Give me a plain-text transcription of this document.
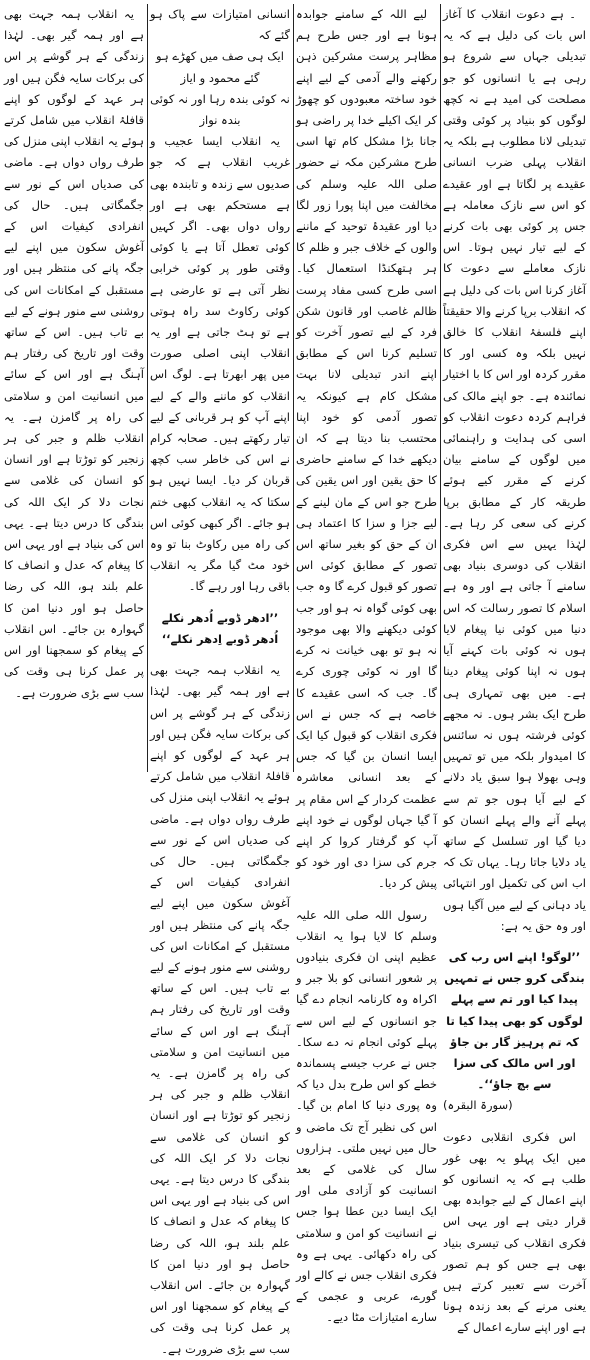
۔ ہے دعوت انقلاب کا آغاز اس بات کی دلیل ہے کہ یہ تبدیلی جہاں سے شروع ہو رہی ہے یا انسانوں کو جو مصلحت کی امید ہے نہ کچھ لوگوں کو بنیاد پر کوئی وقتی تبدیلی لانا مطلوب ہے بلکہ یہ انقلاب پہلی ضرب انسانی عقیدے پر لگاتا ہے اور عقیدے کو اس سے نازک معاملہ ہے جس پر کوئی بھی بات کرنے کے لیے تیار نہیں ہوتا۔ اس نازک معاملے سے دعوت کا آغاز کرنا اس بات کی دلیل ہے کہ انقلاب برپا کرنے والا حقیقتاً اپنے فلسفۂ انقلاب کا خالق نہیں بلکہ وہ کسی اور کا مقرر کردہ اور اس کا با اختیار نمائندہ ہے۔ جو اپنے مالک کی فراہم کردہ دعوت انقلاب کو اسی کی ہدایت و راہنمائی میں لوگوں کے سامنے بیان کرنے کے مقرر کیے ہوئے طریقہ کار کے مطابق برپا کرنے کی سعی کر رہا ہے۔ لہٰذا یہیں سے اس فکری انقلاب کی دوسری بنیاد بھی سامنے آ جاتی ہے اور وہ ہے اسلام کا تصور رسالت کہ اس دنیا میں کوئی نیا پیغام لایا ہوں نہ کوئی بات کہنے آیا ہوں نہ اپنا کوئی پیغام دینا ہے۔ میں بھی تمہاری ہی طرح ایک بشر ہوں۔ نہ مجھے کوئی فرشتہ ہوں نہ سائنس کا امیدوار بلکہ میں تو تمہیں وہی بھولا ہوا سبق یاد دلانے کے لیے آیا ہوں جو تم سے پہلے آنے والے پہلے انسان کو دیا گیا اور تسلسل کے ساتھ یاد دلایا جاتا رہا۔ یہاں تک کہ اب اس کی تکمیل اور انتہائی یاد دہانی کے لیے میں آگیا ہوں اور وہ حق یہ ہے:

’’لوگو! اپنے اس رب کی بندگی کرو جس نے تمہیں پیدا کیا اور تم سے پہلے لوگوں کو بھی پیدا کیا تا کہ تم پرہیز گار بن جاؤ اور اس مالک کی سزا سے بچ جاؤ‘‘۔

(سورۃ البقرہ)

اس فکری انقلابی دعوت میں ایک پہلو یہ بھی غور طلب ہے کہ یہ انسانوں کو اپنے اعمال کے لیے جوابدہ بھی قرار دیتی ہے اور یہی اس فکری انقلاب کی تیسری بنیاد بھی ہے جس کو ہم تصور آخرت سے تعبیر کرتے ہیں یعنی مرنے کے بعد زندہ ہونا ہے اور اپنے سارے اعمال کے

لیے اللہ کے سامنے جوابدہ ہونا ہے اور جس طرح ہم مظاہر پرست مشرکین ذہن رکھنے والے آدمی کے لیے اپنے خود ساختہ معبودوں کو چھوڑ کر ایک اکیلے خدا پر راضی ہو جانا بڑا مشکل کام تھا اسی طرح مشرکین مکہ نے حضور صلی اللہ علیہ وسلم کی مخالفت میں اپنا پورا زور لگا دیا اور عقیدۂ توحید کے ماننے والوں کے خلاف جبر و ظلم کا ہر ہتھکنڈا استعمال کیا۔ اسی طرح کسی مفاد پرست ظالم غاصب اور قانون شکن فرد کے لیے تصور آخرت کو تسلیم کرنا اس کے مطابق اپنے اندر تبدیلی لانا بہت مشکل کام ہے کیونکہ یہ تصور آدمی کو خود اپنا محتسب بنا دیتا ہے کہ ان دیکھے خدا کے سامنے حاضری کا حق یقین اور اس یقین کی طرح جو اس کے مان لینے کے لیے جزا و سزا کا اعتماد ہی ان کے حق کو بغیر ساتھ اس تصور کے مطابق کوئی اس تصور کو قبول کرے گا وہ جب بھی کوئی گواہ نہ ہو اور جب کوئی دیکھنے والا بھی موجود نہ ہو تو بھی خیانت نہ کرے گا اور نہ کوئی چوری کرے گا۔ جب کہ اسی عقیدے کا خاصہ ہے کہ جس نے اس فکری انقلاب کو قبول کیا ایک ایسا انسان بن گیا کہ جس کے بعد انسانی معاشرہ عظمت کردار کے اس مقام پر آ گیا جہاں لوگوں نے خود اپنے آپ کو گرفتار کروا کر اپنے جرم کی سزا دی اور خود کو پیش کر دیا۔

رسول اللہ صلی اللہ علیہ وسلم کا لایا ہوا یہ انقلاب عظیم اپنی ان فکری بنیادوں پر شعور انسانی کو بلا جبر و اکراہ وہ کارنامہ انجام دے گیا جو انسانوں کے لیے اس سے پہلے کوئی انجام نہ دے سکا۔ جس نے عرب جیسے پسماندہ خطے کو اس طرح بدل دیا کہ وہ پوری دنیا کا امام بن گیا۔ اس کی نظیر آج تک ماضی و حال میں نہیں ملتی۔ ہزاروں سال کی غلامی کے بعد انسانیت کو آزادی ملی اور ایک ایسا دین عطا ہوا جس نے انسانیت کو امن و سلامتی کی راہ دکھائی۔ یہی ہے وہ فکری انقلاب جس نے کالے اور گورے، عربی و عجمی کے سارے امتیازات مٹا دیے۔

انسانی امتیازات سے پاک ہو گئے کہ

ایک ہی صف میں کھڑے ہو گئے محمود و ایاز

نہ کوئی بندہ رہا اور نہ کوئی بندہ نواز

یہ انقلاب ایسا عجیب و غریب انقلاب ہے کہ جو صدیوں سے زندہ و تابندہ بھی ہے مستحکم بھی ہے اور رواں دواں بھی۔ اگر کہیں کوئی تعطل آتا ہے یا کوئی وقتی طور پر کوئی خرابی نظر آتی ہے تو عارضی ہے کوئی رکاوٹ سد راہ ہوتی ہے تو ہٹ جاتی ہے اور یہ انقلاب اپنی اصلی صورت میں پھر ابھرتا ہے۔ لوگ اس انقلاب کو ماننے والے کے لیے اپنے آپ کو ہر قربانی کے لیے تیار رکھتے ہیں۔ صحابہ کرام نے اس کی خاطر سب کچھ قربان کر دیا۔ ایسا نہیں ہو سکتا کہ یہ انقلاب کبھی ختم ہو جائے۔ اگر کبھی کوئی اس کی راہ میں رکاوٹ بنا تو وہ خود مٹ گیا مگر یہ انقلاب باقی رہا اور رہے گا۔

’’ادھر ڈوبے اُدھر نکلے اُدھر ڈوبے اِدھر نکلے‘‘

یہ انقلاب ہمہ جہت بھی ہے اور ہمہ گیر بھی۔ لہٰذا زندگی کے ہر گوشے پر اس کی برکات سایہ فگن ہیں اور ہر عہد کے لوگوں کو اپنے قافلۂ انقلاب میں شامل کرتے ہوئے یہ انقلاب اپنی منزل کی طرف رواں دواں ہے۔ ماضی کی صدیاں اس کے نور سے جگمگاتی ہیں۔ حال کی انفرادی کیفیات اس کے آغوش سکون میں اپنے لیے جگہ پانے کی منتظر ہیں اور مستقبل کے امکانات اس کی روشنی سے منور ہونے کے لیے بے تاب ہیں۔ اس کے ساتھ وقت اور تاریخ کی رفتار ہم آہنگ ہے اور اس کے سائے میں انسانیت امن و سلامتی کی راہ پر گامزن ہے۔ یہ انقلاب ظلم و جبر کی ہر زنجیر کو توڑتا ہے اور انسان کو انسان کی غلامی سے نجات دلا کر ایک اللہ کی بندگی کا درس دیتا ہے۔ یہی اس کی بنیاد ہے اور یہی اس کا پیغام کہ عدل و انصاف کا علم بلند ہو، اللہ کی رضا حاصل ہو اور دنیا امن کا گہوارہ بن جائے۔ اس انقلاب کے پیغام کو سمجھنا اور اس پر عمل کرنا ہی وقت کی سب سے بڑی ضرورت ہے۔

یہ انقلاب ہمہ جہت بھی ہے اور ہمہ گیر بھی۔ لہٰذا زندگی کے ہر گوشے پر اس کی برکات سایہ فگن ہیں اور ہر عہد کے لوگوں کو اپنے قافلۂ انقلاب میں شامل کرتے ہوئے یہ انقلاب اپنی منزل کی طرف رواں دواں ہے۔ ماضی کی صدیاں اس کے نور سے جگمگاتی ہیں۔ حال کی انفرادی کیفیات اس کے آغوش سکون میں اپنے لیے جگہ پانے کی منتظر ہیں اور مستقبل کے امکانات اس کی روشنی سے منور ہونے کے لیے بے تاب ہیں۔ اس کے ساتھ وقت اور تاریخ کی رفتار ہم آہنگ ہے اور اس کے سائے میں انسانیت امن و سلامتی کی راہ پر گامزن ہے۔ یہ انقلاب ظلم و جبر کی ہر زنجیر کو توڑتا ہے اور انسان کو انسان کی غلامی سے نجات دلا کر ایک اللہ کی بندگی کا درس دیتا ہے۔ یہی اس کی بنیاد ہے اور یہی اس کا پیغام کہ عدل و انصاف کا علم بلند ہو، اللہ کی رضا حاصل ہو اور دنیا امن کا گہوارہ بن جائے۔ اس انقلاب کے پیغام کو سمجھنا اور اس پر عمل کرنا ہی وقت کی سب سے بڑی ضرورت ہے۔
